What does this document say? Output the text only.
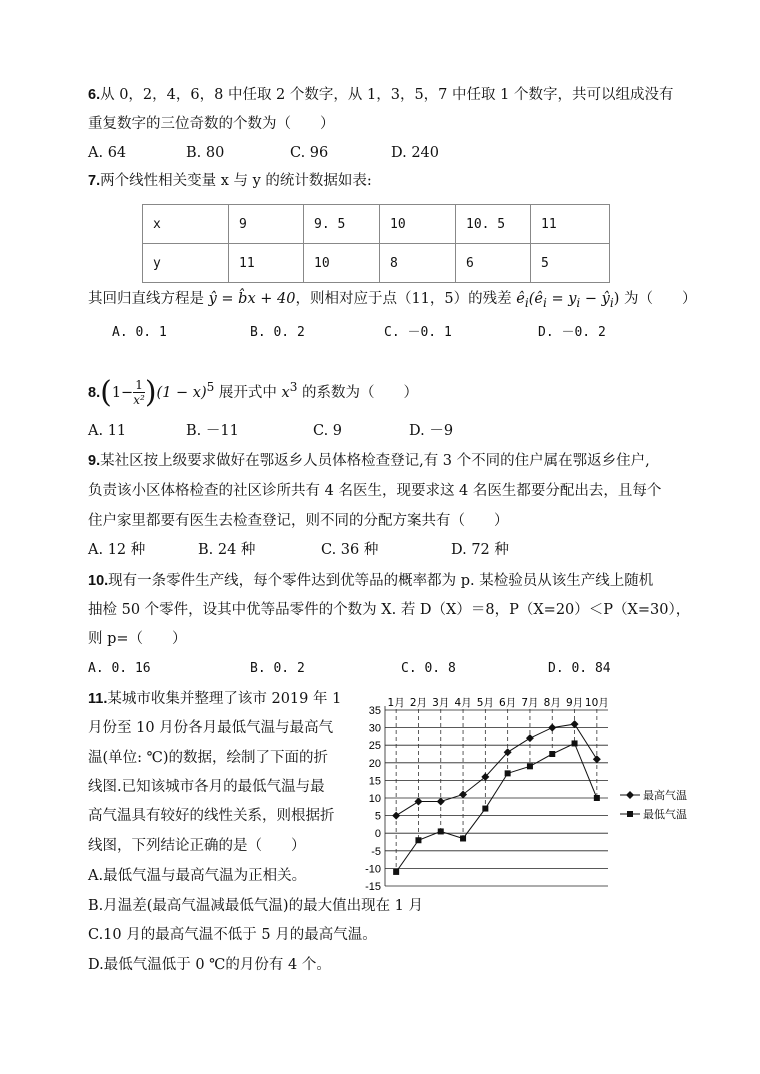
6.从 0，2，4，6，8 中任取 2 个数字，从 1，3，5，7 中任取 1 个数字，共可以组成没有
重复数字的三位奇数的个数为（　　）
A. 64	B. 80	C. 96	D. 240
7.两个线性相关变量 x 与 y 的统计数据如表:
x	9	9. 5	10	10. 5	11
y	11	10	8	6	5
其回归直线方程是 ŷ = b̂x + 40，则相对应于点（11，5）的残差 $ê_i(ê_i = y_i$ − $ŷ_i$) 为（　　）
A. 0. 1	B. 0. 2	C. －0. 1	D. －0. 2
$8.(1- \frac{1}{\text{x²}} )(1 - x)^5$ 展开式中 $x^3$ 的系数为（　　）
A. 11	B. －11	C. 9	D. －9
9.某社区按上级要求做好在鄂返乡人员体格检查登记,有 3 个不同的住户属在鄂返乡住户,
负责该小区体格检查的社区诊所共有 4 名医生，现要求这 4 名医生都要分配出去，且每个
住户家里都要有医生去检查登记，则不同的分配方案共有（　　）
A. 12 种	B. 24 种	C. 36 种	D. 72 种
10.现有一条零件生产线，每个零件达到优等品的概率都为 p. 某检验员从该生产线上随机
抽检 50 个零件，设其中优等品零件的个数为 X. 若 D（X）＝8，P（X=20）＜P（X=30），
则 p=（　　）
A. 0. 16	B. 0. 2	C. 0. 8	D. 0. 84
11.某城市收集并整理了该市 2019 年 1
月份至 10 月份各月最低气温与最高气
温(单位: ℃)的数据，绘制了下面的折
线图.已知该城市各月的最低气温与最
高气温具有较好的线性关系，则根据折
线图，下列结论正确的是（　　）
A.最低气温与最高气温为正相关。
B.月温差(最高气温减最低气温)的最大值出现在 1 月
C.10 月的最高气温不低于 5 月的最高气温。
D.最低气温低于 0 ℃的月份有 4 个。
35
30
25
20
15
10
5
0
-5
-10
-15
1月 2月 3月 4月 5月 6月 7月 8月 9月 10月
最高气温
最低气温
